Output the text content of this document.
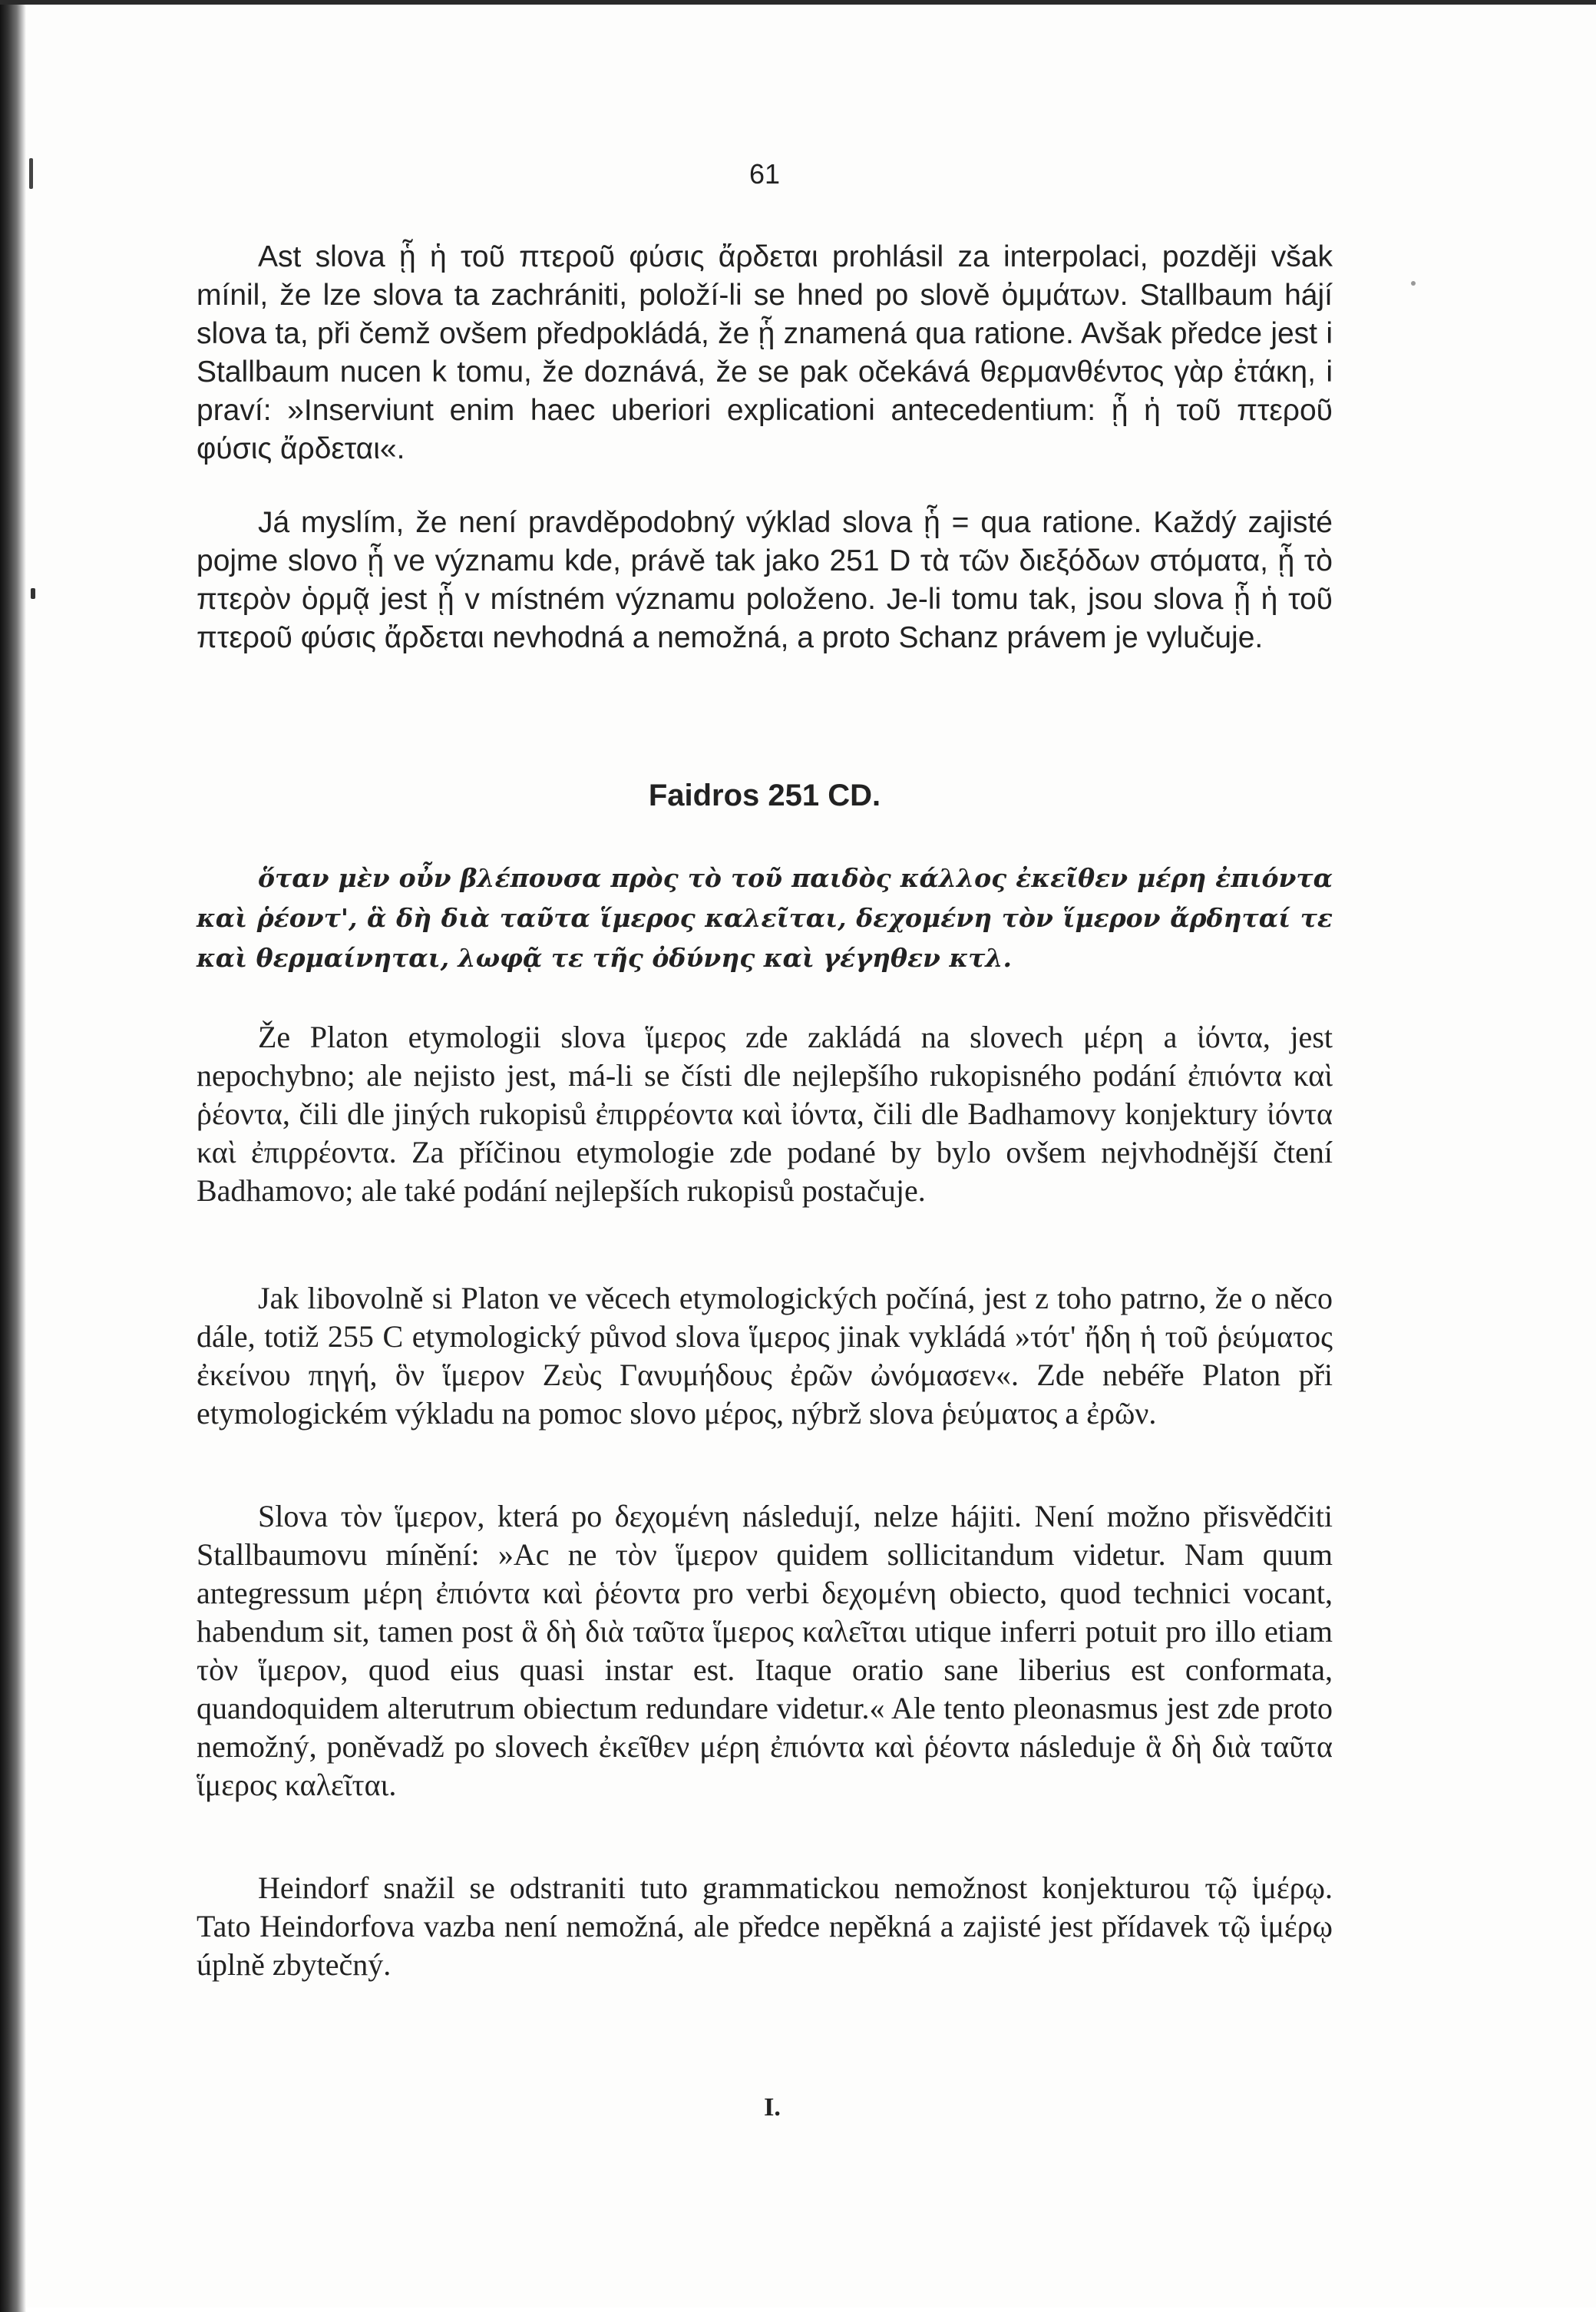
61

Ast slova ᾗ ἡ τοῦ πτεροῦ φύσις ἄρδεται prohlásil za interpolaci, později však mínil, že lze slova ta zachrániti, položí-li se hned po slově ὀμμάτων. Stallbaum hájí slova ta, při čemž ovšem předpokládá, že ᾗ znamená qua ratione. Avšak předce jest i Stallbaum nucen k tomu, že doznává, že se pak očekává θερμανθέντος γὰρ ἐτάκη, i praví: »Inserviunt enim haec uberiori explicationi antecedentium: ᾗ ἡ τοῦ πτεροῦ φύσις ἄρδεται«.

Já myslím, že není pravděpodobný výklad slova ᾗ = qua ratione. Každý zajisté pojme slovo ᾗ ve významu kde, právě tak jako 251 D τὰ τῶν διεξόδων στόματα, ᾗ τὸ πτερὸν ὁρμᾷ jest ᾗ v místném významu položeno. Je-li tomu tak, jsou slova ᾗ ἡ τοῦ πτεροῦ φύσις ἄρδεται nevhodná a nemožná, a proto Schanz právem je vylučuje.

Faidros 251 CD.

ὅταν μὲν οὖν βλέπουσα πρὸς τὸ τοῦ παιδὸς κάλλος ἐκεῖθεν μέρη ἐπιόντα καὶ ῥέοντ', ἃ δὴ διὰ ταῦτα ἵμερος καλεῖται, δεχομένη τὸν ἵμερον ἄρδηταί τε καὶ θερμαίνηται, λωφᾷ τε τῆς ὀδύνης καὶ γέγηθεν κτλ.

Že Platon etymologii slova ἵμερος zde zakládá na slovech μέρη a ἰόντα, jest nepochybno; ale nejisto jest, má-li se čísti dle nejlepšího rukopisného podání ἐπιόντα καὶ ῥέοντα, čili dle jiných rukopisů ἐπιρρέοντα καὶ ἰόντα, čili dle Badhamovy konjektury ἰόντα καὶ ἐπιρρέοντα. Za příčinou etymologie zde podané by bylo ovšem nejvhodnější čtení Badhamovo; ale také podání nejlepších rukopisů postačuje.

Jak libovolně si Platon ve věcech etymologických počíná, jest z toho patrno, že o něco dále, totiž 255 C etymologický původ slova ἵμερος jinak vykládá »τότ' ἤδη ἡ τοῦ ῥεύματος ἐκείνου πηγή, ὃν ἵμερον Ζεὺς Γανυμήδους ἐρῶν ὠνόμασεν«. Zde nebéře Platon při etymologickém výkladu na pomoc slovo μέρος, nýbrž slova ῥεύματος a ἐρῶν.

Slova τὸν ἵμερον, která po δεχομένη následují, nelze hájiti. Není možno přisvědčiti Stallbaumovu mínění: »Ac ne τὸν ἵμερον quidem sollicitandum videtur. Nam quum antegressum μέρη ἐπιόντα καὶ ῥέοντα pro verbi δεχομένη obiecto, quod technici vocant, habendum sit, tamen post ἃ δὴ διὰ ταῦτα ἵμερος καλεῖται utique inferri potuit pro illo etiam τὸν ἵμερον, quod eius quasi instar est. Itaque oratio sane liberius est conformata, quandoquidem alterutrum obiectum redundare videtur.« Ale tento pleonasmus jest zde proto nemožný, poněvadž po slovech ἐκεῖθεν μέρη ἐπιόντα καὶ ῥέοντα následuje ἃ δὴ διὰ ταῦτα ἵμερος καλεῖται.

Heindorf snažil se odstraniti tuto grammatickou nemožnost konjekturou τῷ ἱμέρῳ. Tato Heindorfova vazba není nemožná, ale předce nepěkná a zajisté jest přídavek τῷ ἱμέρῳ úplně zbytečný.

I.
